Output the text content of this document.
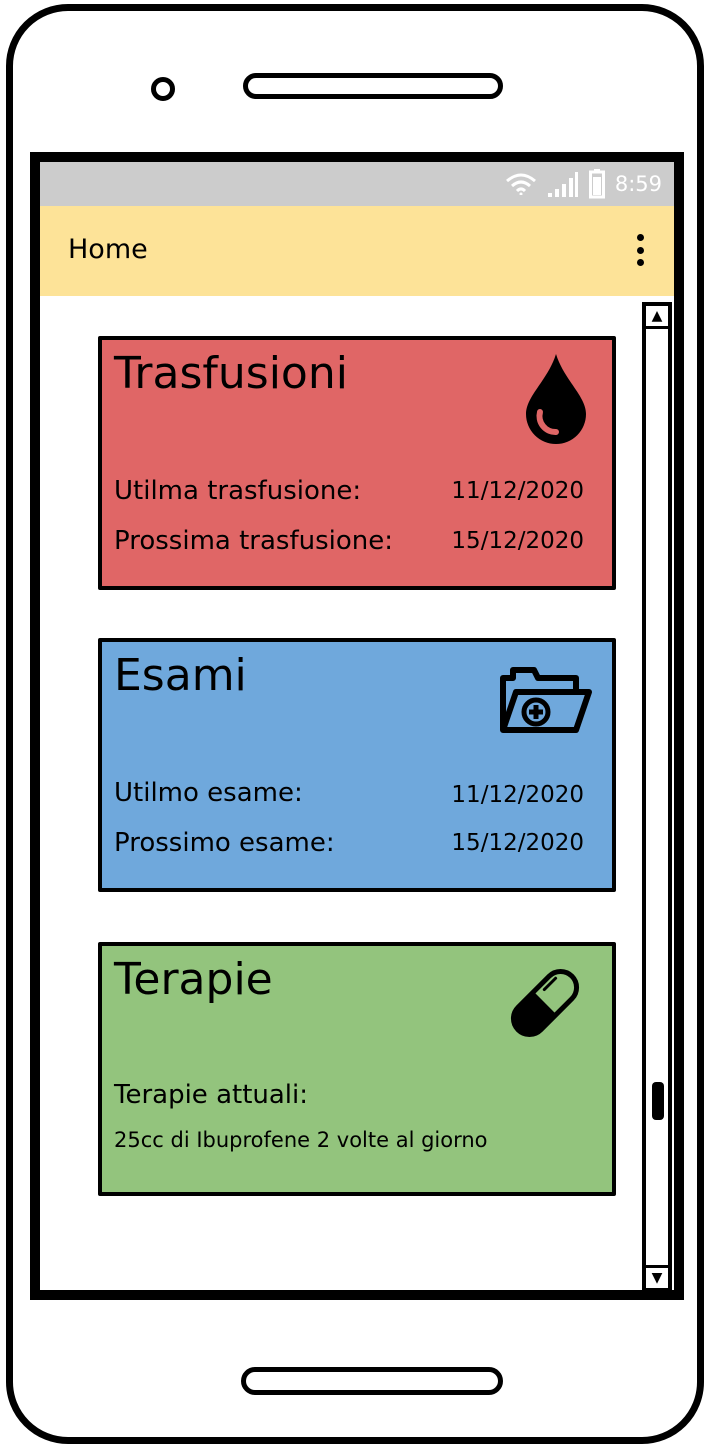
8:59
Home
Trasfusioni
Utilma trasfusione:	11/12/2020
Prossima trasfusione:	15/12/2020
Esami
Utilmo esame:	11/12/2020
Prossimo esame:	15/12/2020
Terapie
Terapie attuali:
25cc di Ibuprofene 2 volte al giorno
▲
▼
